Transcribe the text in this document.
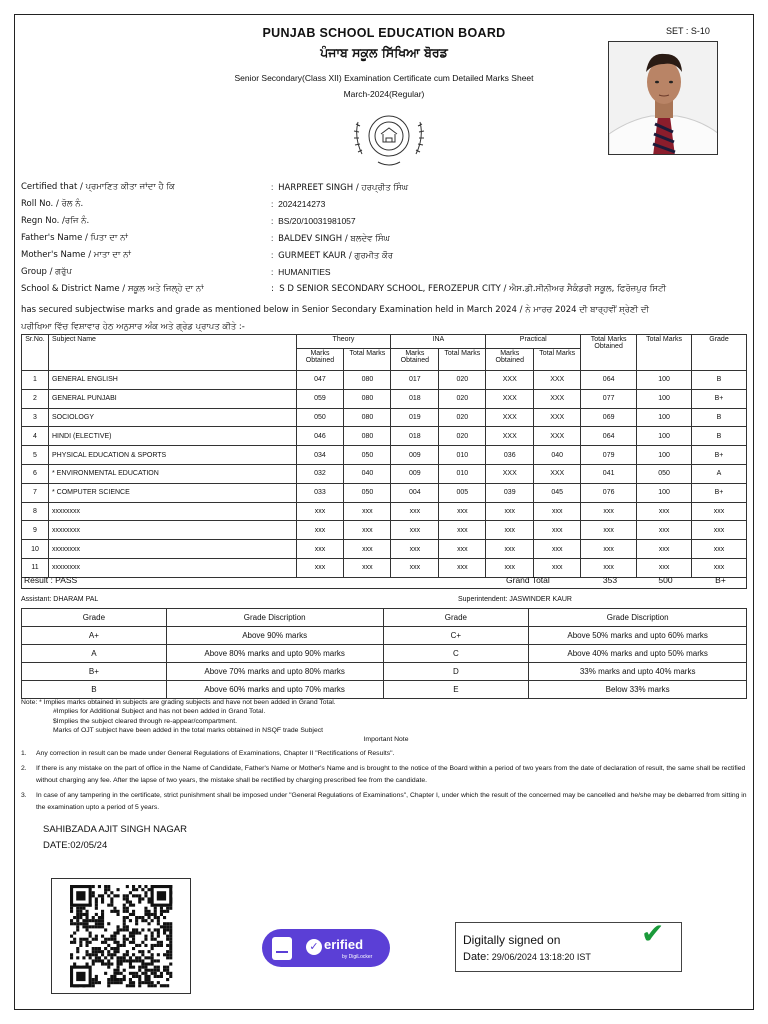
SET : S-10
PUNJAB SCHOOL EDUCATION BOARD
ਪੰਜਾਬ ਸਕੂਲ ਸਿੱਖਿਆ ਬੋਰਡ
Senior Secondary(Class XII) Examination Certificate cum Detailed Marks Sheet
March-2024(Regular)
Certified that / ਪ੍ਰਮਾਣਿਤ ਕੀਤਾ ਜਾਂਦਾ ਹੈ ਕਿ	: HARPREET SINGH / ਹਰਪ੍ਰੀਤ ਸਿੰਘ
Roll No. / ਰੋਲ ਨੰ.	: 2024214273
Regn No. /ਰਜਿ ਨੰ.	: BS/20/10031981057
Father's Name / ਪਿਤਾ ਦਾ ਨਾਂ	: BALDEV SINGH / ਬਲਦੇਵ ਸਿੰਘ
Mother's Name / ਮਾਤਾ ਦਾ ਨਾਂ	: GURMEET KAUR / ਗੁਰਮੀਤ ਕੌਰ
Group / ਗਰੁੱਪ	: HUMANITIES
School & District Name / ਸਕੂਲ ਅਤੇ ਜਿਲ੍ਹੇ ਦਾ ਨਾਂ	: S D SENIOR SECONDARY SCHOOL, FEROZEPUR CITY / ਐਸ.ਡੀ.ਸੀਨੀਅਰ ਸੈਕੰਡਰੀ ਸਕੂਲ, ਫਿਰੋਜ਼ਪੁਰ ਸਿਟੀ
has secured subjectwise marks and grade as mentioned below in Senior Secondary Examination held in March 2024 / ਨੇ ਮਾਰਚ 2024 ਦੀ ਬਾਰ੍ਹਵੀਂ ਸ਼੍ਰੇਣੀ ਦੀ
ਪਰੀਖਿਆ ਵਿੱਚ ਵਿਸ਼ਾਵਾਰ ਹੇਠ ਅਨੁਸਾਰ ਅੰਕ ਅਤੇ ਗ੍ਰੇਡ ਪ੍ਰਾਪਤ ਕੀਤੇ :-
Sr.No.	Subject Name	Theory		INA		Practical		Total Marks Obtained	Total Marks	Grade
		Marks Obtained	Total Marks	Marks Obtained	Total Marks	Marks Obtained	Total Marks			
1	GENERAL ENGLISH	047	080	017	020	XXX	XXX	064	100	B
2	GENERAL PUNJABI	059	080	018	020	XXX	XXX	077	100	B+
3	SOCIOLOGY	050	080	019	020	XXX	XXX	069	100	B
4	HINDI (ELECTIVE)	046	080	018	020	XXX	XXX	064	100	B
5	PHYSICAL EDUCATION & SPORTS	034	050	009	010	036	040	079	100	B+
6	* ENVIRONMENTAL EDUCATION	032	040	009	010	XXX	XXX	041	050	A
7	* COMPUTER SCIENCE	033	050	004	005	039	045	076	100	B+
8	xxxxxxxx	xxx	xxx	xxx	xxx	xxx	xxx	xxx	xxx	xxx
9	xxxxxxxx	xxx	xxx	xxx	xxx	xxx	xxx	xxx	xxx	xxx
10	xxxxxxxx	xxx	xxx	xxx	xxx	xxx	xxx	xxx	xxx	xxx
11	xxxxxxxx	xxx	xxx	xxx	xxx	xxx	xxx	xxx	xxx	xxx
Result : PASS	Grand Total	353	500	B+
Assistant: DHARAM PAL	Superintendent: JASWINDER KAUR
Grade	Grade Discription	Grade	Grade Discription
A+	Above 90% marks	C+	Above 50% marks and upto 60% marks
A	Above 80% marks and upto 90% marks	C	Above 40% marks and upto 50% marks
B+	Above 70% marks and upto 80% marks	D	33% marks and upto 40% marks
B	Above 60% marks and upto 70% marks	E	Below 33% marks
Note: * Implies marks obtained in subjects are grading subjects and have not been added in Grand Total.
#Implies for Additional Subject and has not been added in Grand Total.
$Implies the subject cleared through re-appear/compartment.
Marks of OJT subject have been added in the total marks obtained in NSQF trade Subject
Important Note
1. Any correction in result can be made under General Regulations of Examinations, Chapter II "Rectifications of Results".
2. If there is any mistake on the part of office in the Name of Candidate, Father's Name or Mother's Name and is brought to the notice of the Board within a period of two years from the date of declaration of result, the same shall be rectified without charging any fee. After the lapse of two years, the mistake shall be rectified by charging prescribed fee from the candidate.
3. In case of any tampering in the certificate, strict punishment shall be imposed under "General Regulations of Examinations", Chapter I, under which the result of the concerned may be cancelled and he/she may be debarred from sitting in the examination upto a period of 5 years.
SAHIBZADA AJIT SINGH NAGAR
DATE:02/05/24
✓ erified
by DigiLocker
Digitally signed on
Date: 29/06/2024 13:18:20 IST
✔
